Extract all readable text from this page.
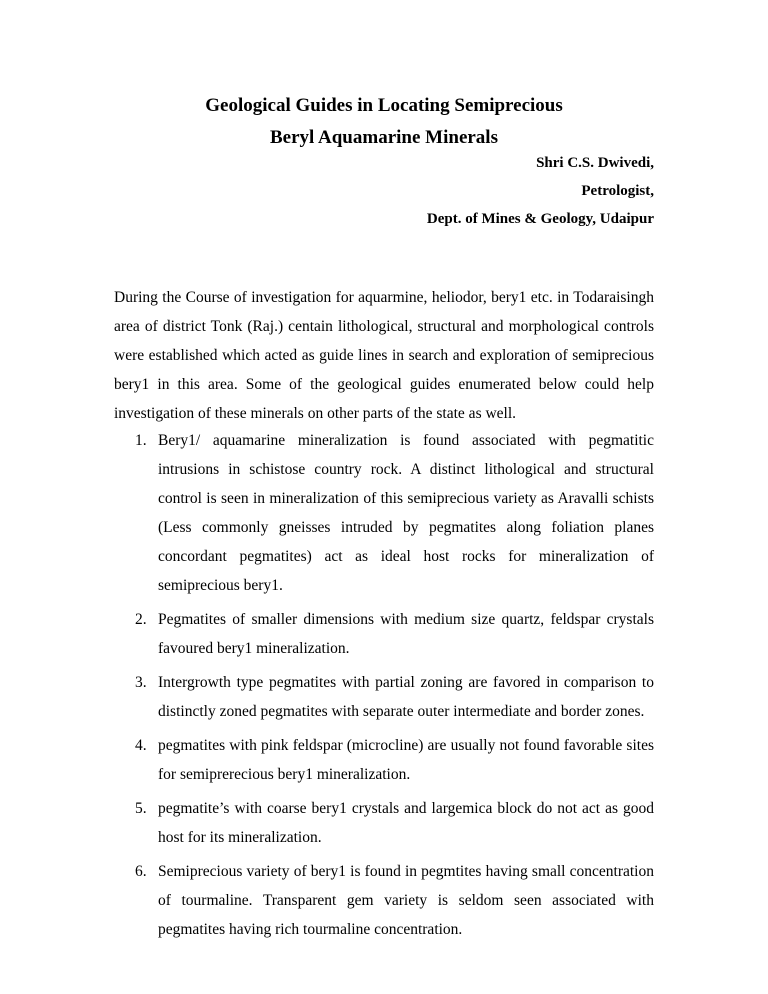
Geological Guides in Locating Semiprecious
Beryl Aquamarine Minerals

Shri C.S. Dwivedi,

Petrologist,

Dept. of Mines & Geology, Udaipur

During the Course of investigation for aquarmine, heliodor, bery1 etc. in Todaraisingh area of district Tonk (Raj.) centain lithological, structural and morphological controls were established which acted as guide lines in search and exploration of semiprecious bery1 in this area. Some of the geological guides enumerated below could help investigation of these minerals on other parts of the state as well.

1. Bery1/ aquamarine mineralization is found associated with pegmatitic intrusions in schistose country rock. A distinct lithological and structural control is seen in mineralization of this semiprecious variety as Aravalli schists (Less commonly gneisses intruded by pegmatites along foliation planes concordant pegmatites) act as ideal host rocks for mineralization of semiprecious bery1.
2. Pegmatites of smaller dimensions with medium size quartz, feldspar crystals favoured bery1 mineralization.
3. Intergrowth type pegmatites with partial zoning are favored in comparison to distinctly zoned pegmatites with separate outer intermediate and border zones.
4. pegmatites with pink feldspar (microcline) are usually not found favorable sites for semiprerecious bery1 mineralization.
5. pegmatite’s with coarse bery1 crystals and largemica block do not act as good host for its mineralization.
6. Semiprecious variety of bery1 is found in pegmtites having small concentration of tourmaline. Transparent gem variety is seldom seen associated with pegmatites having rich tourmaline concentration.
